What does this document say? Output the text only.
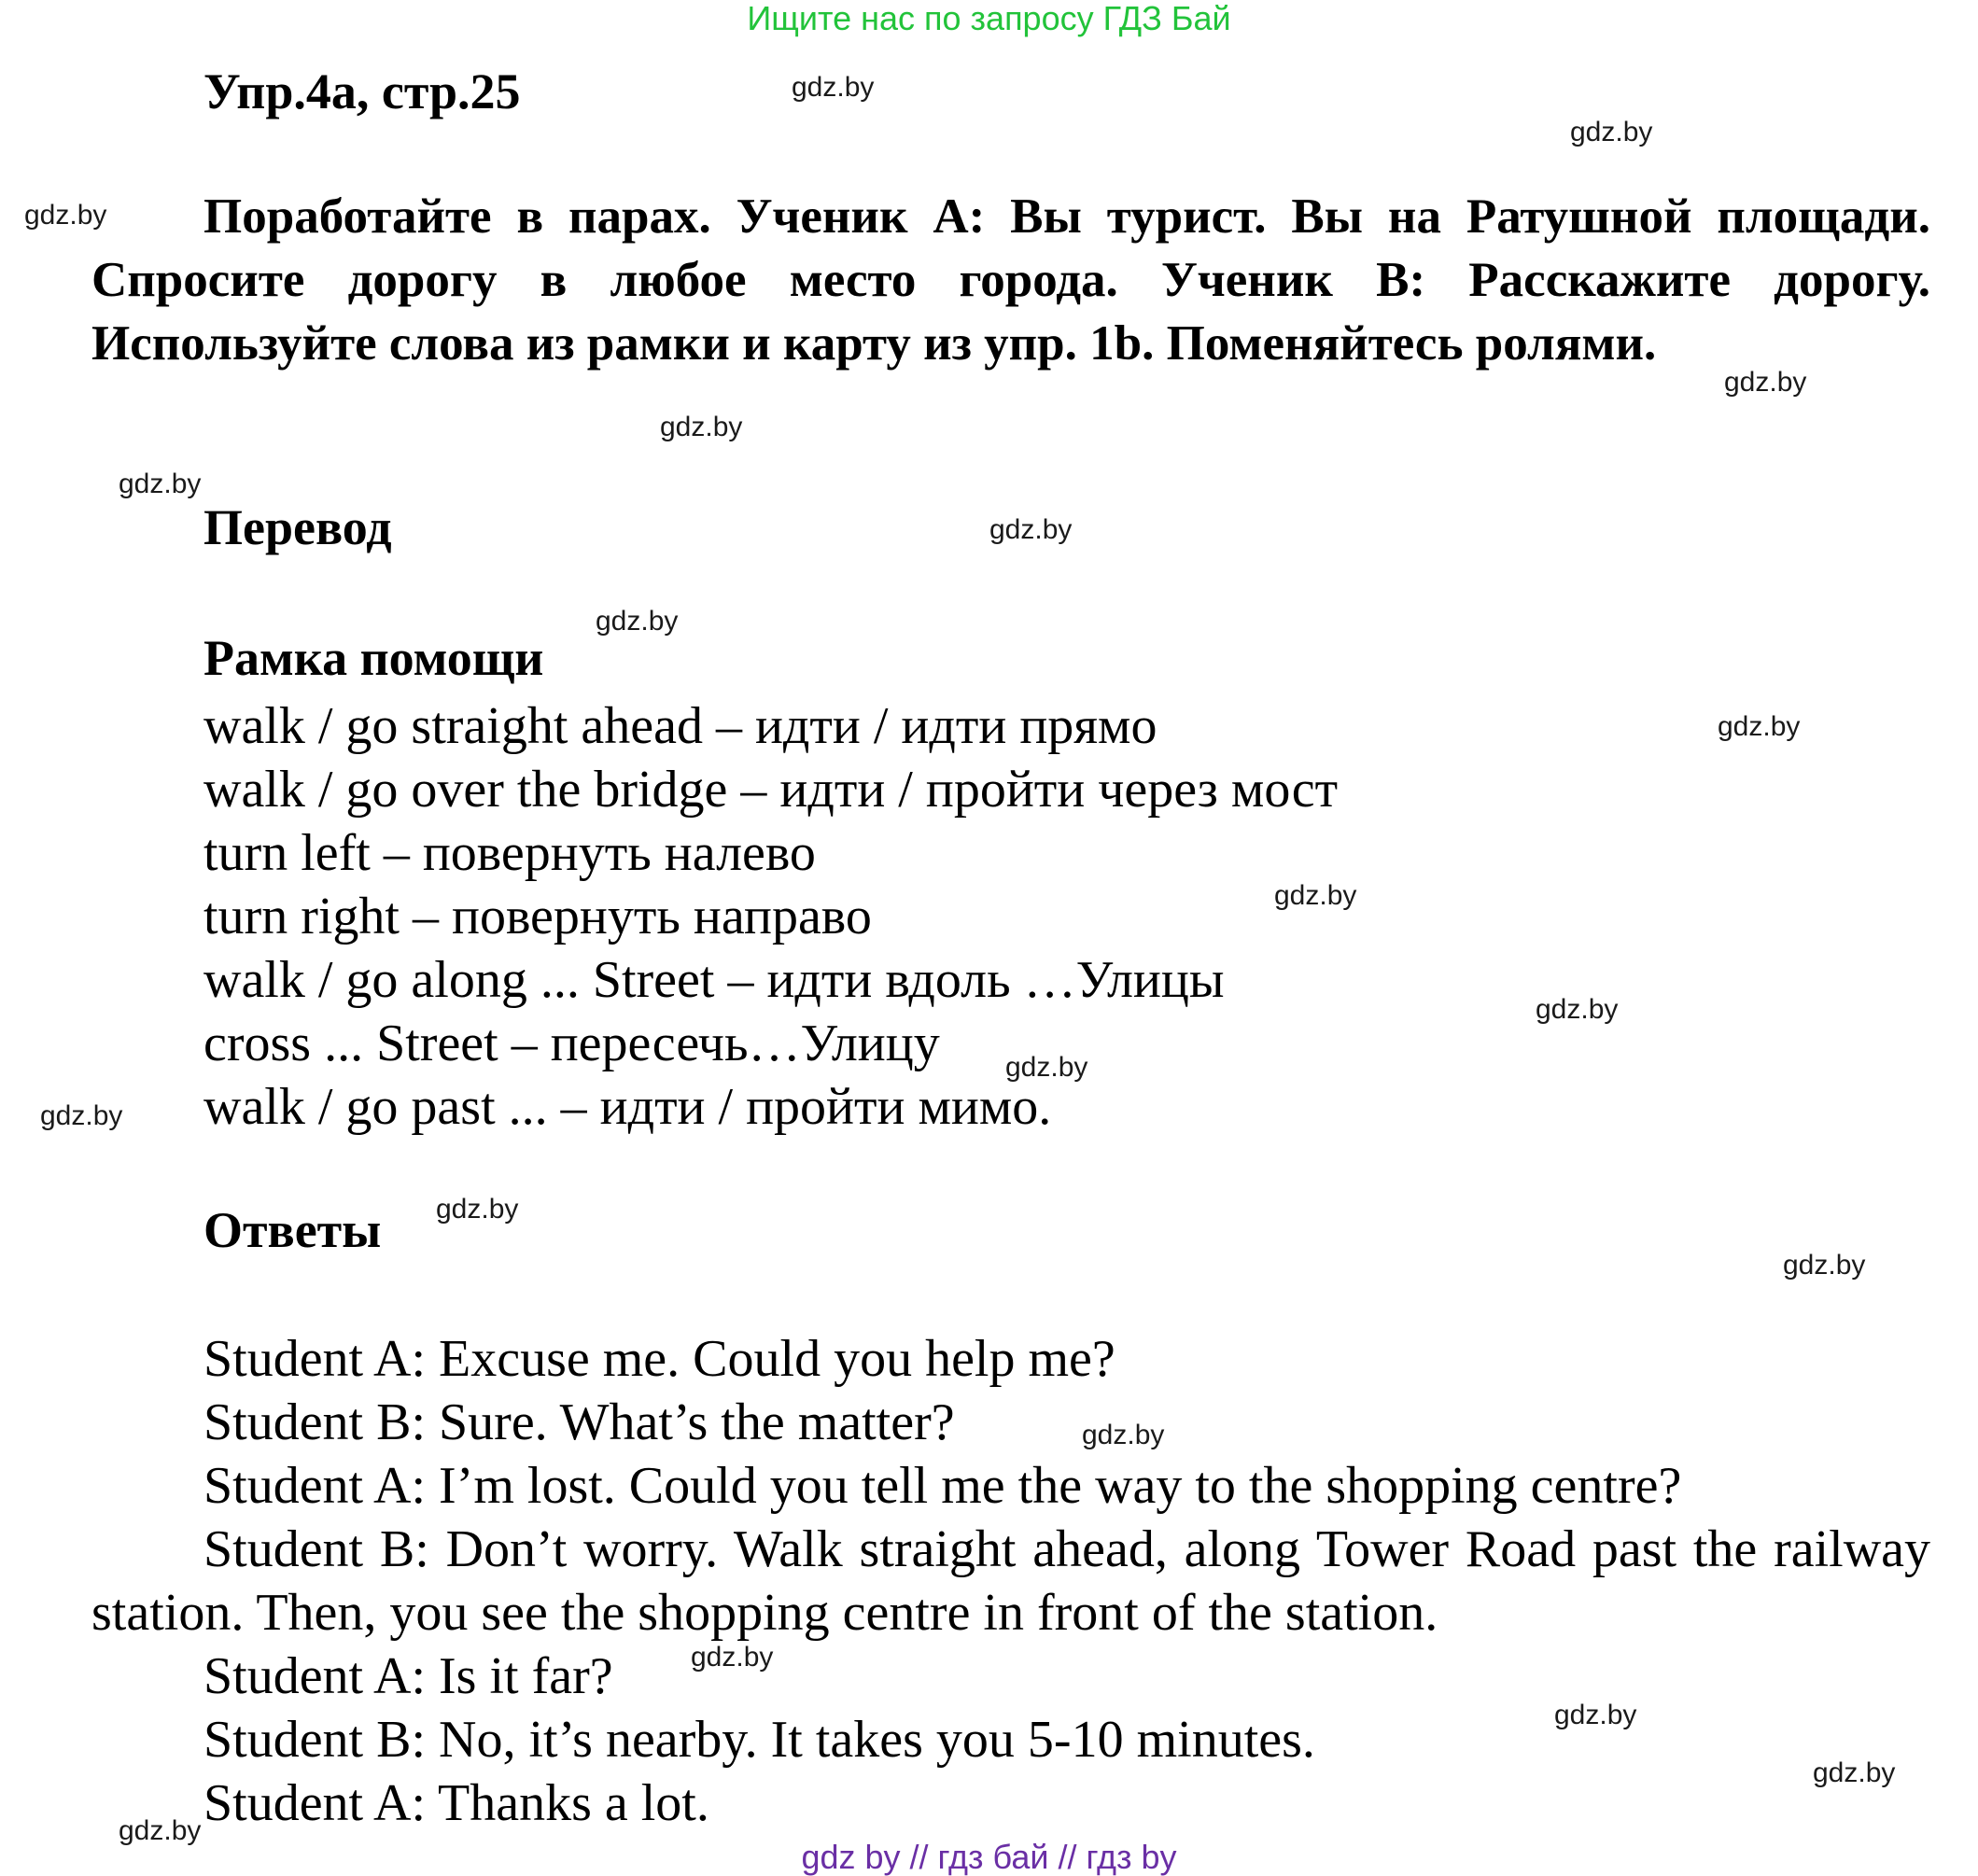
Ищите нас по запросу ГДЗ Бай
Упр.4а, стр.25

Поработайте в парах. Ученик А: Вы турист. Вы на Ратушной площади. Спросите дорогу в любое место города. Ученик В: Расскажите дорогу. Используйте слова из рамки и карту из упр. 1b. Поменяйтесь ролями.

Перевод
Рамка помощи
walk / go straight ahead – идти / идти прямо
walk / go over the bridge – идти / пройти через мост
turn left – повернуть налево
turn right – повернуть направо
walk / go along ... Street – идти вдоль …Улицы
cross ... Street – пересечь…Улицу
walk / go past ... – идти / пройти мимо.
Ответы
Student A: Excuse me. Could you help me?
Student B: Sure. What’s the matter?
Student A: I’m lost. Could you tell me the way to the shopping centre?

Student B: Don’t worry. Walk straight ahead, along Tower Road past the railway station. Then, you see the shopping centre in front of the station.

Student A: Is it far?
Student B: No, it’s nearby. It takes you 5-10 minutes.
Student A: Thanks a lot.
gdz.by
gdz.by
gdz.by
gdz.by
gdz.by
gdz.by
gdz.by
gdz.by
gdz.by
gdz.by
gdz.by
gdz.by
gdz.by
gdz.by
gdz.by
gdz.by
gdz.by
gdz.by
gdz.by
gdz.by
gdz by // гдз бай // гдз by
